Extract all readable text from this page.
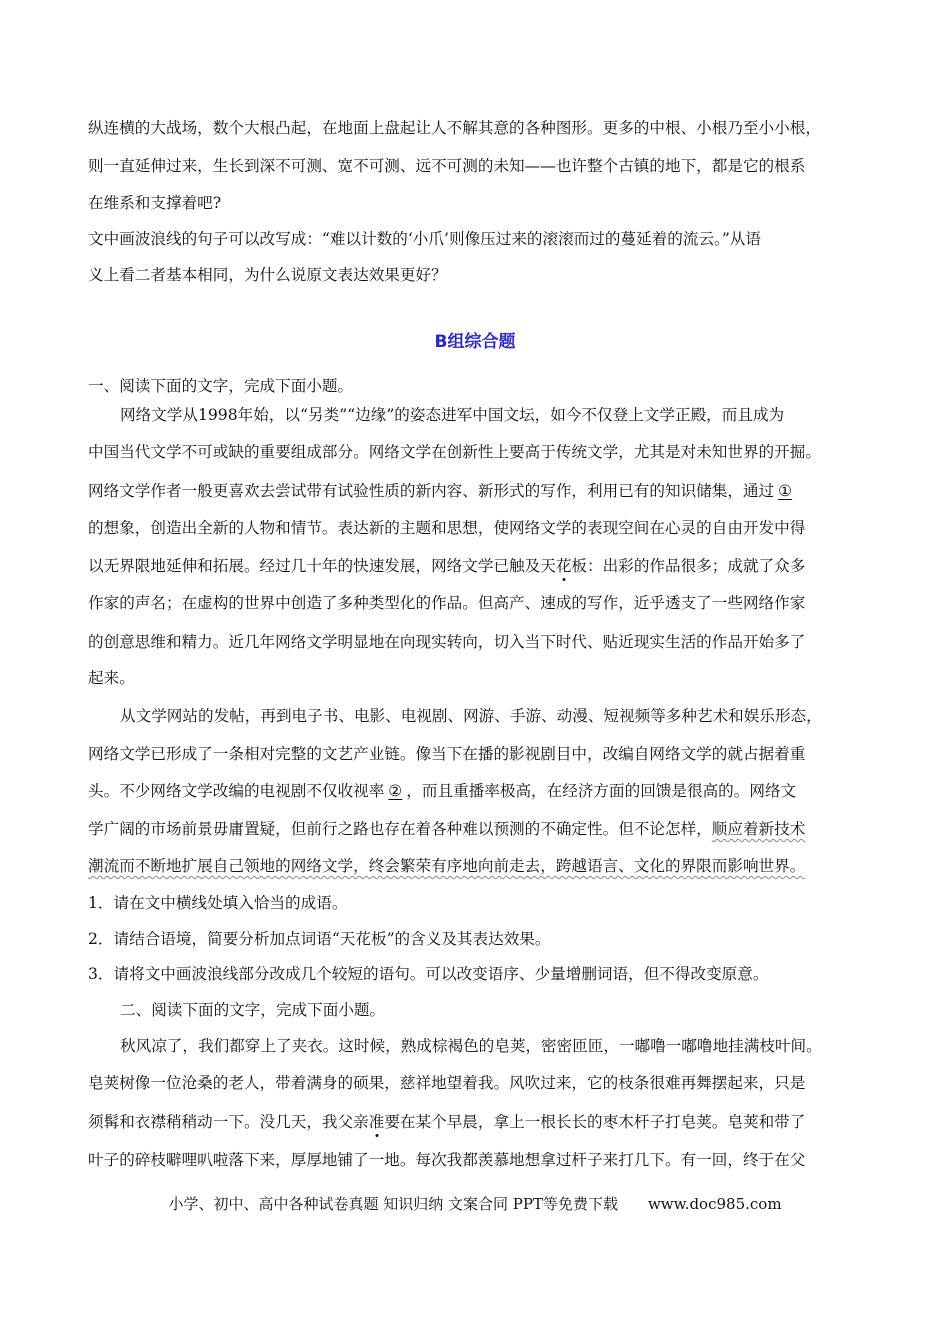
纵连横的大战场，数个大根凸起，在地面上盘起让人不解其意的各种图形。更多的中根、小根乃至小小根，
则一直延伸过来，生长到深不可测、宽不可测、远不可测的未知——也许整个古镇的地下，都是它的根系
在维系和支撑着吧?
文中画波浪线的句子可以改写成：“难以计数的‘小爪’则像压过来的滚滚而过的蔓延着的流云。”从语
义上看二者基本相同，为什么说原文表达效果更好？
B组综合题
一、阅读下面的文字，完成下面小题。
网络文学从1998年始，以“另类”“边缘”的姿态进军中国文坛，如今不仅登上文学正殿，而且成为
中国当代文学不可或缺的重要组成部分。网络文学在创新性上要高于传统文学，尤其是对未知世界的开掘。
网络文学作者一般更喜欢去尝试带有试验性质的新内容、新形式的写作，利用已有的知识储集，通过 ①
的想象，创造出全新的人物和情节。表达新的主题和思想，使网络文学的表现空间在心灵的自由开发中得
以无界限地延伸和拓展。经过几十年的快速发展，网络文学已触及天花板：出彩的作品很多；成就了众多
作家的声名；在虚构的世界中创造了多种类型化的作品。但高产、速成的写作，近乎透支了一些网络作家
的创意思维和精力。近几年网络文学明显地在向现实转向，切入当下时代、贴近现实生活的作品开始多了
起来。
从文学网站的发帖，再到电子书、电影、电视剧、网游、手游、动漫、短视频等多种艺术和娱乐形态，
网络文学已形成了一条相对完整的文艺产业链。像当下在播的影视剧目中，改编自网络文学的就占据着重
头。不少网络文学改编的电视剧不仅收视率 ② ，而且重播率极高，在经济方面的回馈是很高的。网络文
学广阔的市场前景毋庸置疑，但前行之路也存在着各种难以预测的不确定性。但不论怎样，顺应着新技术
潮流而不断地扩展自己领地的网络文学，终会繁荣有序地向前走去，跨越语言、文化的界限而影响世界。
1．请在文中横线处填入恰当的成语。
2．请结合语境，简要分析加点词语“天花板”的含义及其表达效果。
3．请将文中画波浪线部分改成几个较短的语句。可以改变语序、少量增删词语，但不得改变原意。
二、阅读下面的文字，完成下面小题。
秋风凉了，我们都穿上了夹衣。这时候，熟成棕褐色的皂荚，密密匝匝，一嘟噜一嘟噜地挂满枝叶间。
皂荚树像一位沧桑的老人，带着满身的硕果，慈祥地望着我。风吹过来，它的枝条很难再舞摆起来，只是
须髯和衣襟稍稍动一下。没几天，我父亲准要在某个早晨，拿上一根长长的枣木杆子打皂荚。皂荚和带了
叶子的碎枝噼哩叭啦落下来，厚厚地铺了一地。每次我都羡慕地想拿过杆子来打几下。有一回，终于在父
小学、初中、高中各种试卷真题 知识归纳 文案合同 PPT等免费下载 www.doc985.com
